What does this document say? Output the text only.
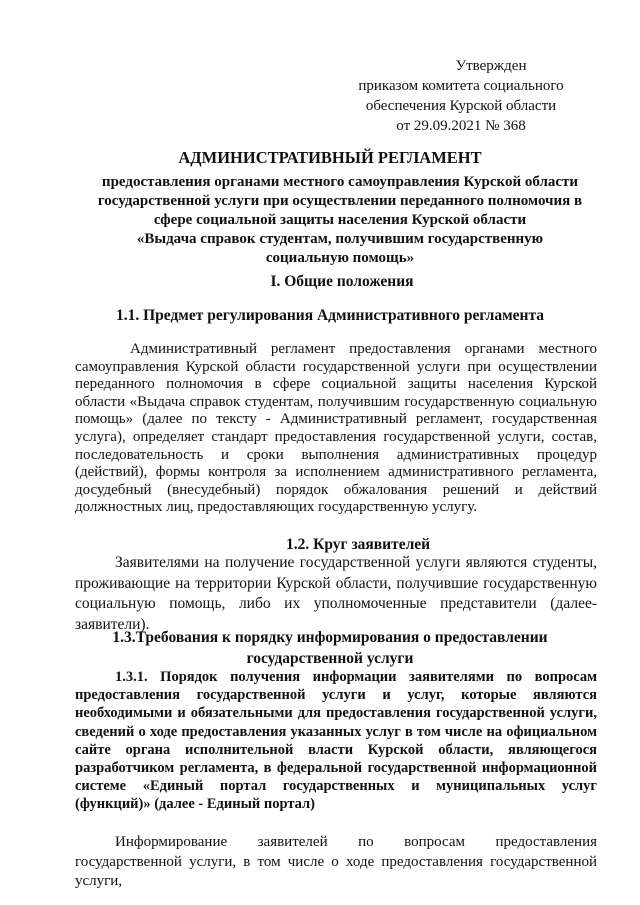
Утвержден
приказом комитета социального
обеспечения Курской области
от 29.09.2021 № 368
АДМИНИСТРАТИВНЫЙ РЕГЛАМЕНТ
предоставления органами местного самоуправления Курской области
государственной услуги при осуществлении переданного полномочия в
сфере социальной защиты населения Курской области
«Выдача справок студентам, получившим государственную
социальную помощь»
I. Общие положения
1.1. Предмет регулирования Административного регламента
Административный регламент предоставления органами местного самоуправления Курской области государственной услуги при осуществлении переданного полномочия в сфере социальной защиты населения Курской области «Выдача справок студентам, получившим государственную социальную помощь» (далее по тексту - Административный регламент, государственная услуга), определяет стандарт предоставления государственной услуги, состав, последовательность и сроки выполнения административных процедур (действий), формы контроля за исполнением административного регламента, досудебный (внесудебный) порядок обжалования решений и действий должностных лиц, предоставляющих государственную услугу.
1.2. Круг заявителей
Заявителями на получение государственной услуги являются студенты, проживающие на территории Курской области, получившие государственную социальную помощь, либо их уполномоченные представители (далее-заявители).
1.3.Требования к порядку информирования о предоставлении
государственной услуги
1.3.1. Порядок получения информации заявителями по вопросам предоставления государственной услуги и услуг, которые являются необходимыми и обязательными для предоставления государственной услуги, сведений о ходе предоставления указанных услуг в том числе на официальном сайте органа исполнительной власти Курской области, являющегося разработчиком регламента, в федеральной государственной информационной системе «Единый портал государственных и муниципальных услуг (функций)» (далее - Единый портал)
Информирование заявителей по вопросам предоставления государственной услуги, в том числе о ходе предоставления государственной услуги,
